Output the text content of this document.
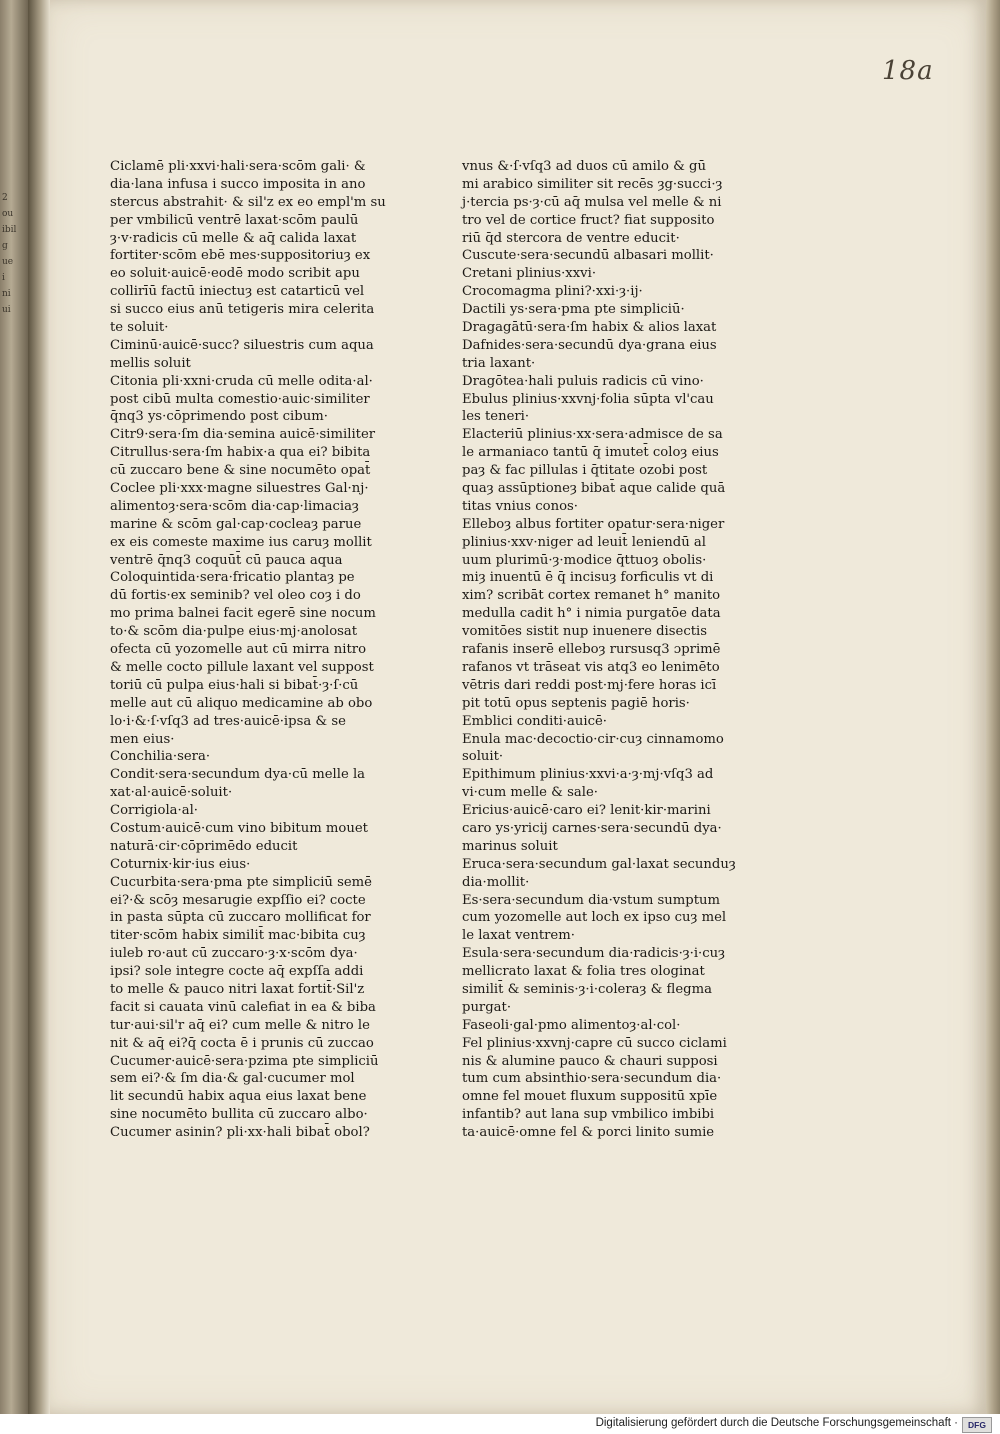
2
ou
ibil
g
ue
i
ni
ui
18a
Ciclamē pli·xxvi·hali·sera·scōm gali· &
dia·lana infusa i succo imposita in ano
stercus abstrahit· & sil'z ex eo empl'm su
per vmbilicū ventrē laxat·scōm paulū
ȝ·v·radicis cū melle & aq̄ calida laxat
fortiter·scōm ebē mes·suppositoriuȝ ex
eo soluit·auicē·eodē modo scribit apu
collirīū factū iniectuȝ est catarticū vel
si succo eius anū tetigeris mira celerita
te soluit·
Ciminū·auicē·succ? siluestris cum aqua
mellis soluit
Citonia pli·xxni·cruda cū melle odita·al·
post cibū multa comestio·auic·similiter
q̄nq3 ys·cōprimendo post cibum·
Citr9·sera·ſm dia·semina auicē·similiter
Citrullus·sera·ſm habix·a qua ei? bibita
cū zuccaro bene & sine nocumēto opat̄
Coclee pli·xxx·magne siluestres Gal·nj·
alimentoȝ·sera·scōm dia·cap·limaciaȝ
marine & scōm gal·cap·cocleaȝ parue
ex eis comeste maxime ius caruȝ mollit
ventrē q̄nq3 coquūt̄ cū pauca aqua
Coloquintida·sera·fricatio plantaȝ pe
dū fortis·ex seminib? vel oleo coȝ i do
mo prima balnei facit egerē sine nocum
to·& scōm dia·pulpe eius·mj·anolosat
ofecta cū yozomelle aut cū mirra nitro
& melle cocto pillule laxant vel suppost
toriū cū pulpa eius·hali si bibat̄·ȝ·ſ·cū
melle aut cū aliquo medicamine ab obo
lo·i·&·ſ·vſq3 ad tres·auicē·ipsa & se
men eius·
Conchilia·sera·
Condit·sera·secundum dya·cū melle la
xat·al·auicē·soluit·
Corrigiola·al·
Costum·auicē·cum vino bibitum mouet
naturā·cir·cōprimēdo educit
Coturnix·kir·ius eius·
Cucurbita·sera·pma pte simpliciū semē
ei?·& scōȝ mesarugie expſſio ei? cocte
in pasta sūpta cū zuccaro mollificat for
titer·scōm habix similit̄ mac·bibita cuȝ
iuleb ro·aut cū zuccaro·ȝ·x·scōm dya·
ipsi? sole integre cocte aq̄ expſſa addi
to melle & pauco nitri laxat fortit̄·Sil'z
facit si cauata vinū calefiat in ea & biba
tur·aui·sil'r aq̄ ei? cum melle & nitro le
nit & aq̄ ei?q̄ cocta ē i prunis cū zuccao
Cucumer·auicē·sera·pzima pte simpliciū
sem ei?·& ſm dia·& gal·cucumer mol
lit secundū habix aqua eius laxat bene
sine nocumēto bullita cū zuccaro albo·
Cucumer asinin? pli·xx·hali bibat̄ obol?
vnus &·ſ·vſq3 ad duos cū amilo & gū
mi arabico similiter sit recēs ȝg·succi·ȝ
j·tercia ps·ȝ·cū aq̄ mulsa vel melle & ni
tro vel de cortice fruct? fiat supposito
riū q̄d stercora de ventre educit·
Cuscute·sera·secundū albasari mollit·
Cretani plinius·xxvi·
Crocomagma plini?·xxi·ȝ·ij·
Dactili ys·sera·pma pte simpliciū·
Dragagātū·sera·ſm habix & alios laxat
Dafnides·sera·secundū dya·grana eius
tria laxant·
Dragōtea·hali puluis radicis cū vino·
Ebulus plinius·xxvnj·folia sūpta vl'cau
les teneri·
Elacteriū plinius·xx·sera·admisce de sa
le armaniaco tantū q̄ imutet̄ coloȝ eius
paȝ & fac pillulas i q̄titate ozobi post
quaȝ assūptioneȝ bibat̄ aque calide quā
titas vnius conos·
Elleboȝ albus fortiter opatur·sera·niger
plinius·xxv·niger ad leuit̄ leniendū al
uum plurimū·ȝ·modice q̄ttuoȝ obolis·
miȝ inuentū ē q̄ incisuȝ forficulis vt di
xim? scribāt cortex remanet h° manito
medulla cadit h° i nimia purgatōe data
vomitōes sistit nup inuenere disectis
rafanis inserē elleboȝ rursusq3 ɔprimē
rafanos vt trāseat vis atq3 eo lenimēto
vētris dari reddi post·mj·fere horas icī
pit totū opus septenis pagiē horis·
Emblici conditi·auicē·
Enula mac·decoctio·cir·cuȝ cinnamomo
soluit·
Epithimum plinius·xxvi·a·ȝ·mj·vſq3 ad
vi·cum melle & sale·
Ericius·auicē·caro ei? lenit·kir·marini
caro ys·yricij carnes·sera·secundū dya·
marinus soluit
Eruca·sera·secundum gal·laxat secunduȝ
dia·mollit·
Es·sera·secundum dia·vstum sumptum
cum yozomelle aut loch ex ipso cuȝ mel
le laxat ventrem·
Esula·sera·secundum dia·radicis·ȝ·i·cuȝ
mellicrato laxat & folia tres ologinat
similit̄ & seminis·ȝ·i·coleraȝ & flegma
purgat·
Faseoli·gal·pmo alimentoȝ·al·col·
Fel plinius·xxvnj·capre cū succo ciclami
nis & alumine pauco & chauri supposi
tum cum absinthio·sera·secundum dia·
omne fel mouet fluxum suppositū xpīe
infantib? aut lana sup vmbilico imbibi
ta·auicē·omne fel & porci linito sumie
Digitalisierung gefördert durch die Deutsche Forschungsgemeinschaft ·	DFG
